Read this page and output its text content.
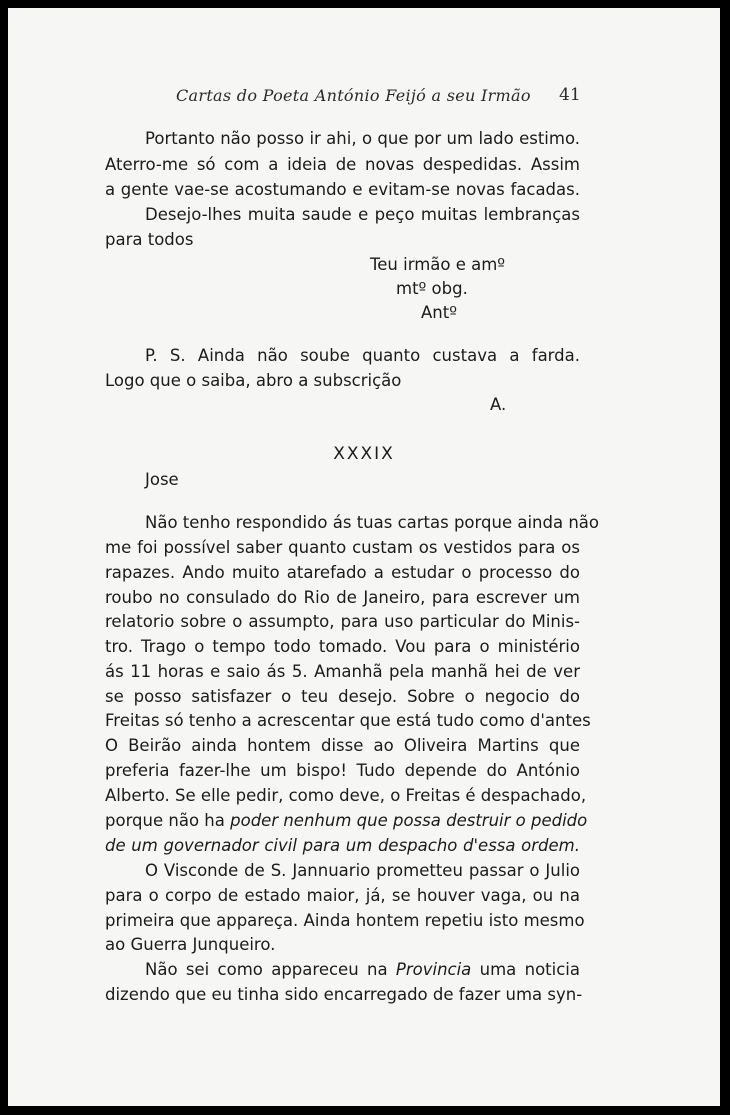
Cartas do Poeta António Feijó a seu Irmão 41
Portanto não posso ir ahi, o que por um lado estimo.
Aterro-me só com a ideia de novas despedidas. Assim
a gente vae-se acostumando e evitam-se novas facadas.
Desejo-lhes muita saude e peço muitas lembranças
para todos
Teu irmão e amº
mtº obg.
Antº
P. S. Ainda não soube quanto custava a farda.
Logo que o saiba, abro a subscrição
A.
XXXIX
Jose
Não tenho respondido ás tuas cartas porque ainda não
me foi possível saber quanto custam os vestidos para os
rapazes. Ando muito atarefado a estudar o processo do
roubo no consulado do Rio de Janeiro, para escrever um
relatorio sobre o assumpto, para uso particular do Minis-
tro. Trago o tempo todo tomado. Vou para o ministério
ás 11 horas e saio ás 5. Amanhã pela manhã hei de ver
se posso satisfazer o teu desejo. Sobre o negocio do
Freitas só tenho a acrescentar que está tudo como d'antes
O Beirão ainda hontem disse ao Oliveira Martins que
preferia fazer-lhe um bispo! Tudo depende do António
Alberto. Se elle pedir, como deve, o Freitas é despachado,
porque não ha poder nenhum que possa destruir o pedido
de um governador civil para um despacho d'essa ordem.
O Visconde de S. Jannuario prometteu passar o Julio
para o corpo de estado maior, já, se houver vaga, ou na
primeira que appareça. Ainda hontem repetiu isto mesmo
ao Guerra Junqueiro.
Não sei como appareceu na Provincia uma noticia
dizendo que eu tinha sido encarregado de fazer uma syn-
